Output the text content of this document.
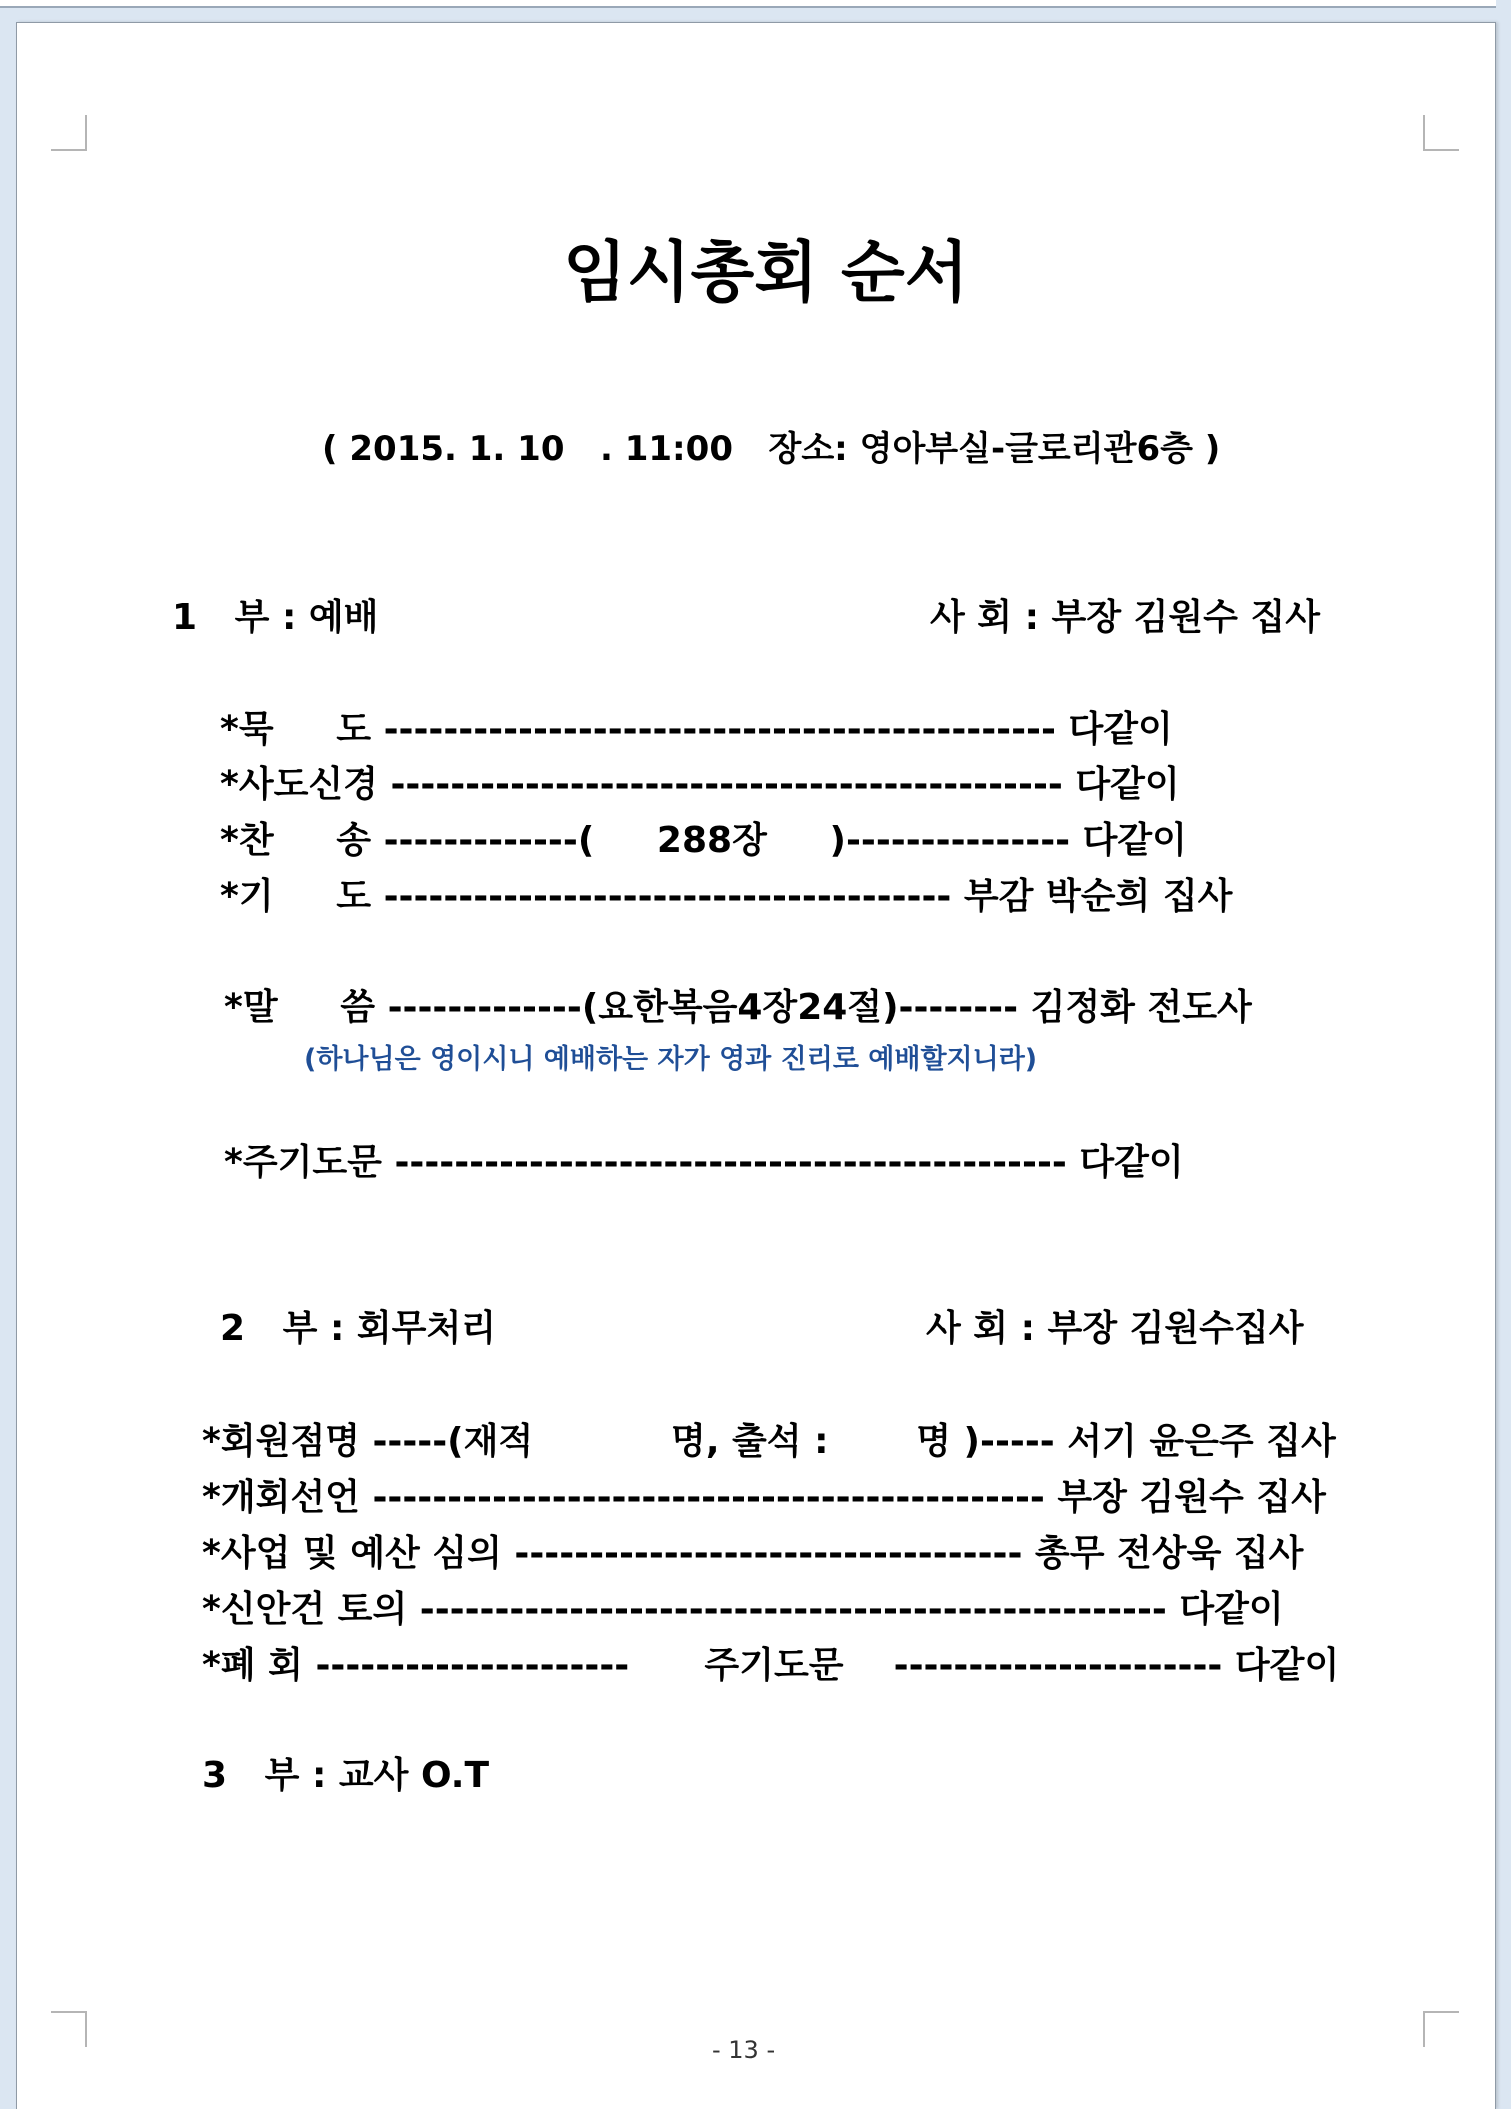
임시총회 순서
( 2015. 1. 10   . 11:00   장소: 영아부실-글로리관6층 )
1   부 : 예배	사 회 : 부장 김원수 집사
*묵     도 --------------------------------------------- 다같이
*사도신경 --------------------------------------------- 다같이
*찬     송 -------------(     288장     )--------------- 다같이
*기     도 -------------------------------------- 부감 박순희 집사
*말     씀 -------------(요한복음4장24절)-------- 김정화 전도사
(하나님은 영이시니 예배하는 자가 영과 진리로 예배할지니라)
*주기도문 --------------------------------------------- 다같이
2   부 : 회무처리	사 회 : 부장 김원수집사
*회원점명 -----(재적           명, 출석 :       명 )----- 서기 윤은주 집사
*개회선언 --------------------------------------------- 부장 김원수 집사
*사업 및 예산 심의 ---------------------------------- 총무 전상욱 집사
*신안건 토의 -------------------------------------------------- 다같이
*폐 회 ---------------------      주기도문    ---------------------- 다같이
3   부 : 교사 O.T
- 13 -
